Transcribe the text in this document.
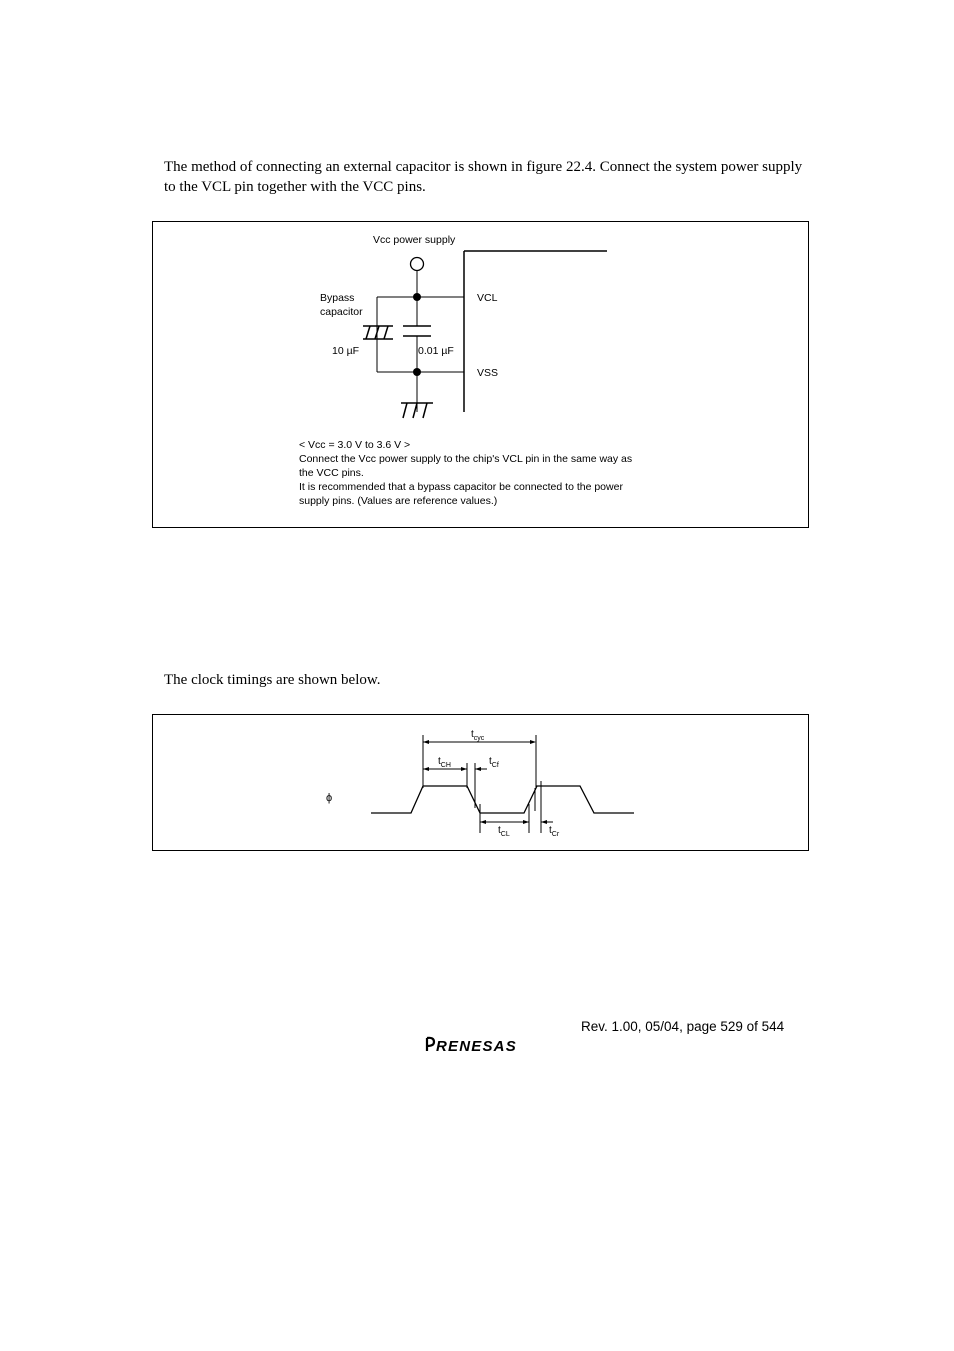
The method of connecting an external capacitor is shown in figure 22.4. Connect the system power supply to the VCL pin together with the VCC pins.

Vcc power supply
Bypass
capacitor
10 µF	0.01 µF
VCL
VSS

< Vcc = 3.0 V to 3.6 V >
Connect the Vcc power supply to the chip's VCL pin in the same way as
the VCC pins.
It is recommended that a bypass capacitor be connected to the power
supply pins. (Values are reference values.)

The clock timings are shown below.

ϕ
$t_{cyc}$
$t_{CH}$	$t_{Cf}$
$t_{CL}$	$t_{Cr}$

Rev. 1.00, 05/04, page 529 of 544

RENESAS
